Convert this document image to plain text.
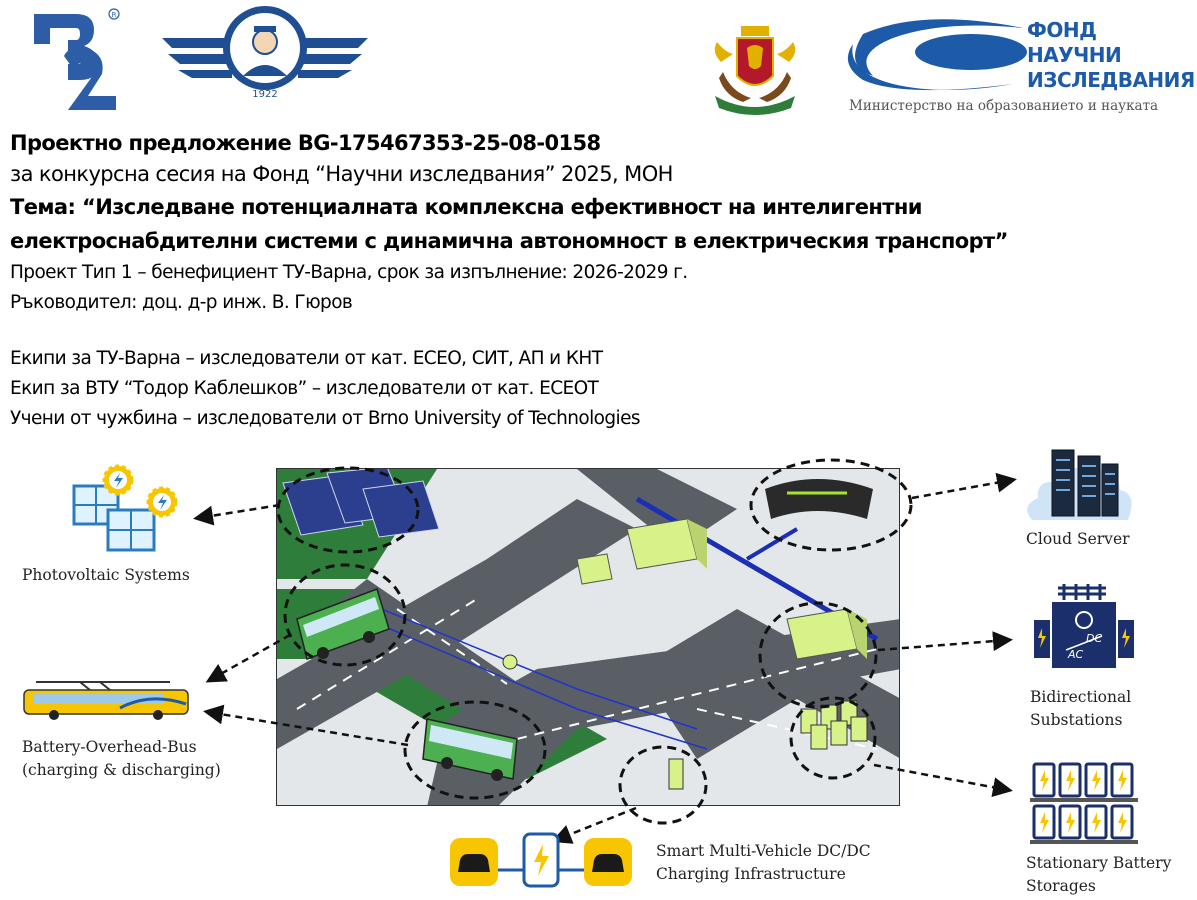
R
1922
ФОНД
НАУЧНИ
ИЗСЛЕДВАНИЯ
Министерство на образованието и науката
Проектно предложение BG-175467353-25-08-0158
за конкурсна сесия на Фонд “Научни изследвания” 2025, МОН
Тема: “Изследване потенциалната комплексна ефективност на интелигентни
електроснабдителни системи с динамична автономност в електрическия транспорт”
Проект Тип 1 – бенефициент ТУ-Варна, срок за изпълнение: 2026-2029 г.
Ръководител: доц. д-р инж. В. Гюров
Екипи за ТУ-Варна – изследователи от кат. ЕСЕО, СИТ, АП и КНТ
Екип за ВТУ “Тодор Каблешков” – изследователи от кат. ЕСЕОТ
Учени от чужбина – изследователи от Brno University of Technologies
Photovoltaic Systems
Battery-Overhead-Bus
(charging & discharging)
Smart Multi-Vehicle DC/DC
Charging Infrastructure
Cloud Server
DC
AC
Bidirectional
Substations
Stationary Battery
Storages
